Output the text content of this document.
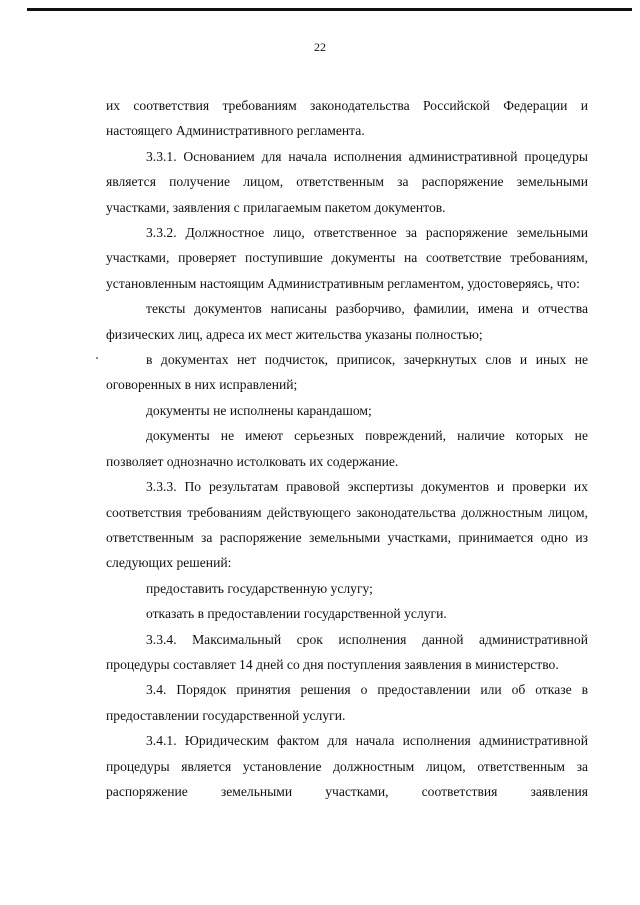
22

их соответствия требованиям законодательства Российской Федерации и настоящего Административного регламента.

3.3.1. Основанием для начала исполнения административной процедуры является получение лицом, ответственным за распоряжение земельными участками, заявления с прилагаемым пакетом документов.

3.3.2. Должностное лицо, ответственное за распоряжение земельными участками, проверяет поступившие документы на соответствие требованиям, установленным настоящим Административным регламентом, удостоверяясь, что:

тексты документов написаны разборчиво, фамилии, имена и отчества физических лиц, адреса их мест жительства указаны полностью;

в документах нет подчисток, приписок, зачеркнутых слов и иных не оговоренных в них исправлений;

документы не исполнены карандашом;

документы не имеют серьезных повреждений, наличие которых не позволяет однозначно истолковать их содержание.

3.3.3. По результатам правовой экспертизы документов и проверки их соответствия требованиям действующего законодательства должностным лицом, ответственным за распоряжение земельными участками, принимается одно из следующих решений:

предоставить государственную услугу;

отказать в предоставлении государственной услуги.

3.3.4. Максимальный срок исполнения данной административной процедуры составляет 14 дней со дня поступления заявления в министерство.

3.4. Порядок принятия решения о предоставлении или об отказе в предоставлении государственной услуги.

3.4.1. Юридическим фактом для начала исполнения административной процедуры является установление должностным лицом, ответственным за распоряжение земельными участками, соответствия заявления
